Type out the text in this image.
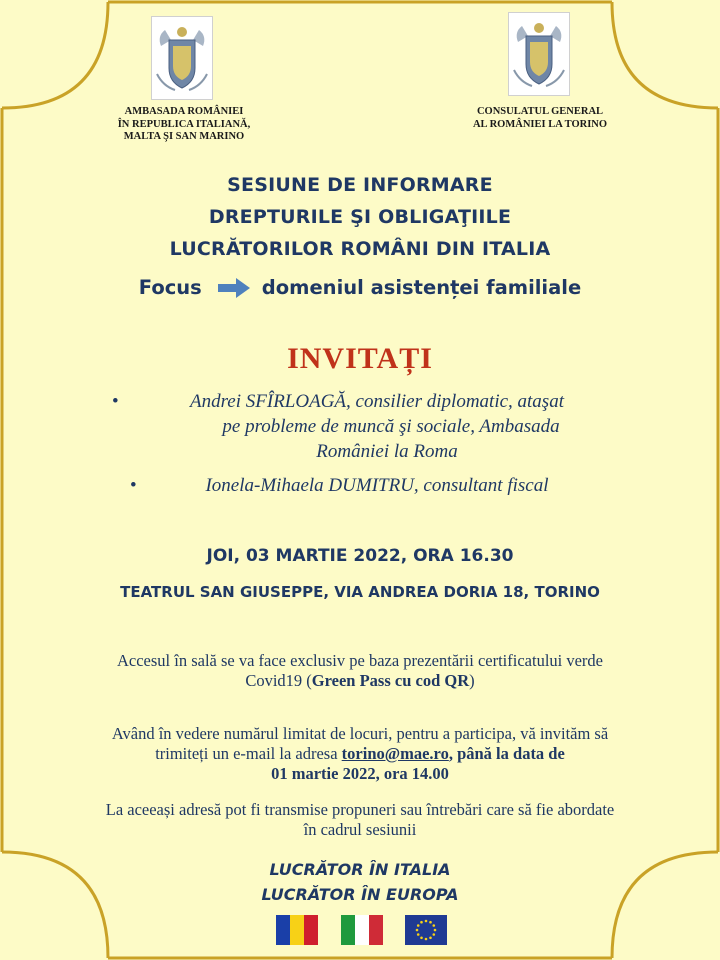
AMBASADA ROMÂNIEI
ÎN REPUBLICA ITALIANĂ,
MALTA ŞI SAN MARINO
CONSULATUL GENERAL
AL ROMÂNIEI LA TORINO
SESIUNE DE INFORMARE
DREPTURILE ŞI OBLIGAŢIILE
LUCRĂTORILOR ROMÂNI DIN ITALIA
Focus	domeniul asistenței familiale
INVITAȚI
•	Andrei SFÎRLOAGĂ, consilier diplomatic, ataşat
pe probleme de muncă şi sociale, Ambasada
României la Roma
•	Ionela-Mihaela DUMITRU, consultant fiscal
JOI, 03 MARTIE 2022, ORA 16.30
TEATRUL SAN GIUSEPPE, VIA ANDREA DORIA 18, TORINO
Accesul în sală se va face exclusiv pe baza prezentării certificatului verde
Covid19 (Green Pass cu cod QR)
Având în vedere numărul limitat de locuri, pentru a participa, vă invităm să
trimiteți un e-mail la adresa torino@mae.ro, până la data de
01 martie 2022, ora 14.00
La aceeași adresă pot fi transmise propuneri sau întrebări care să fie abordate
în cadrul sesiunii
LUCRĂTOR ÎN ITALIA
LUCRĂTOR ÎN EUROPA
